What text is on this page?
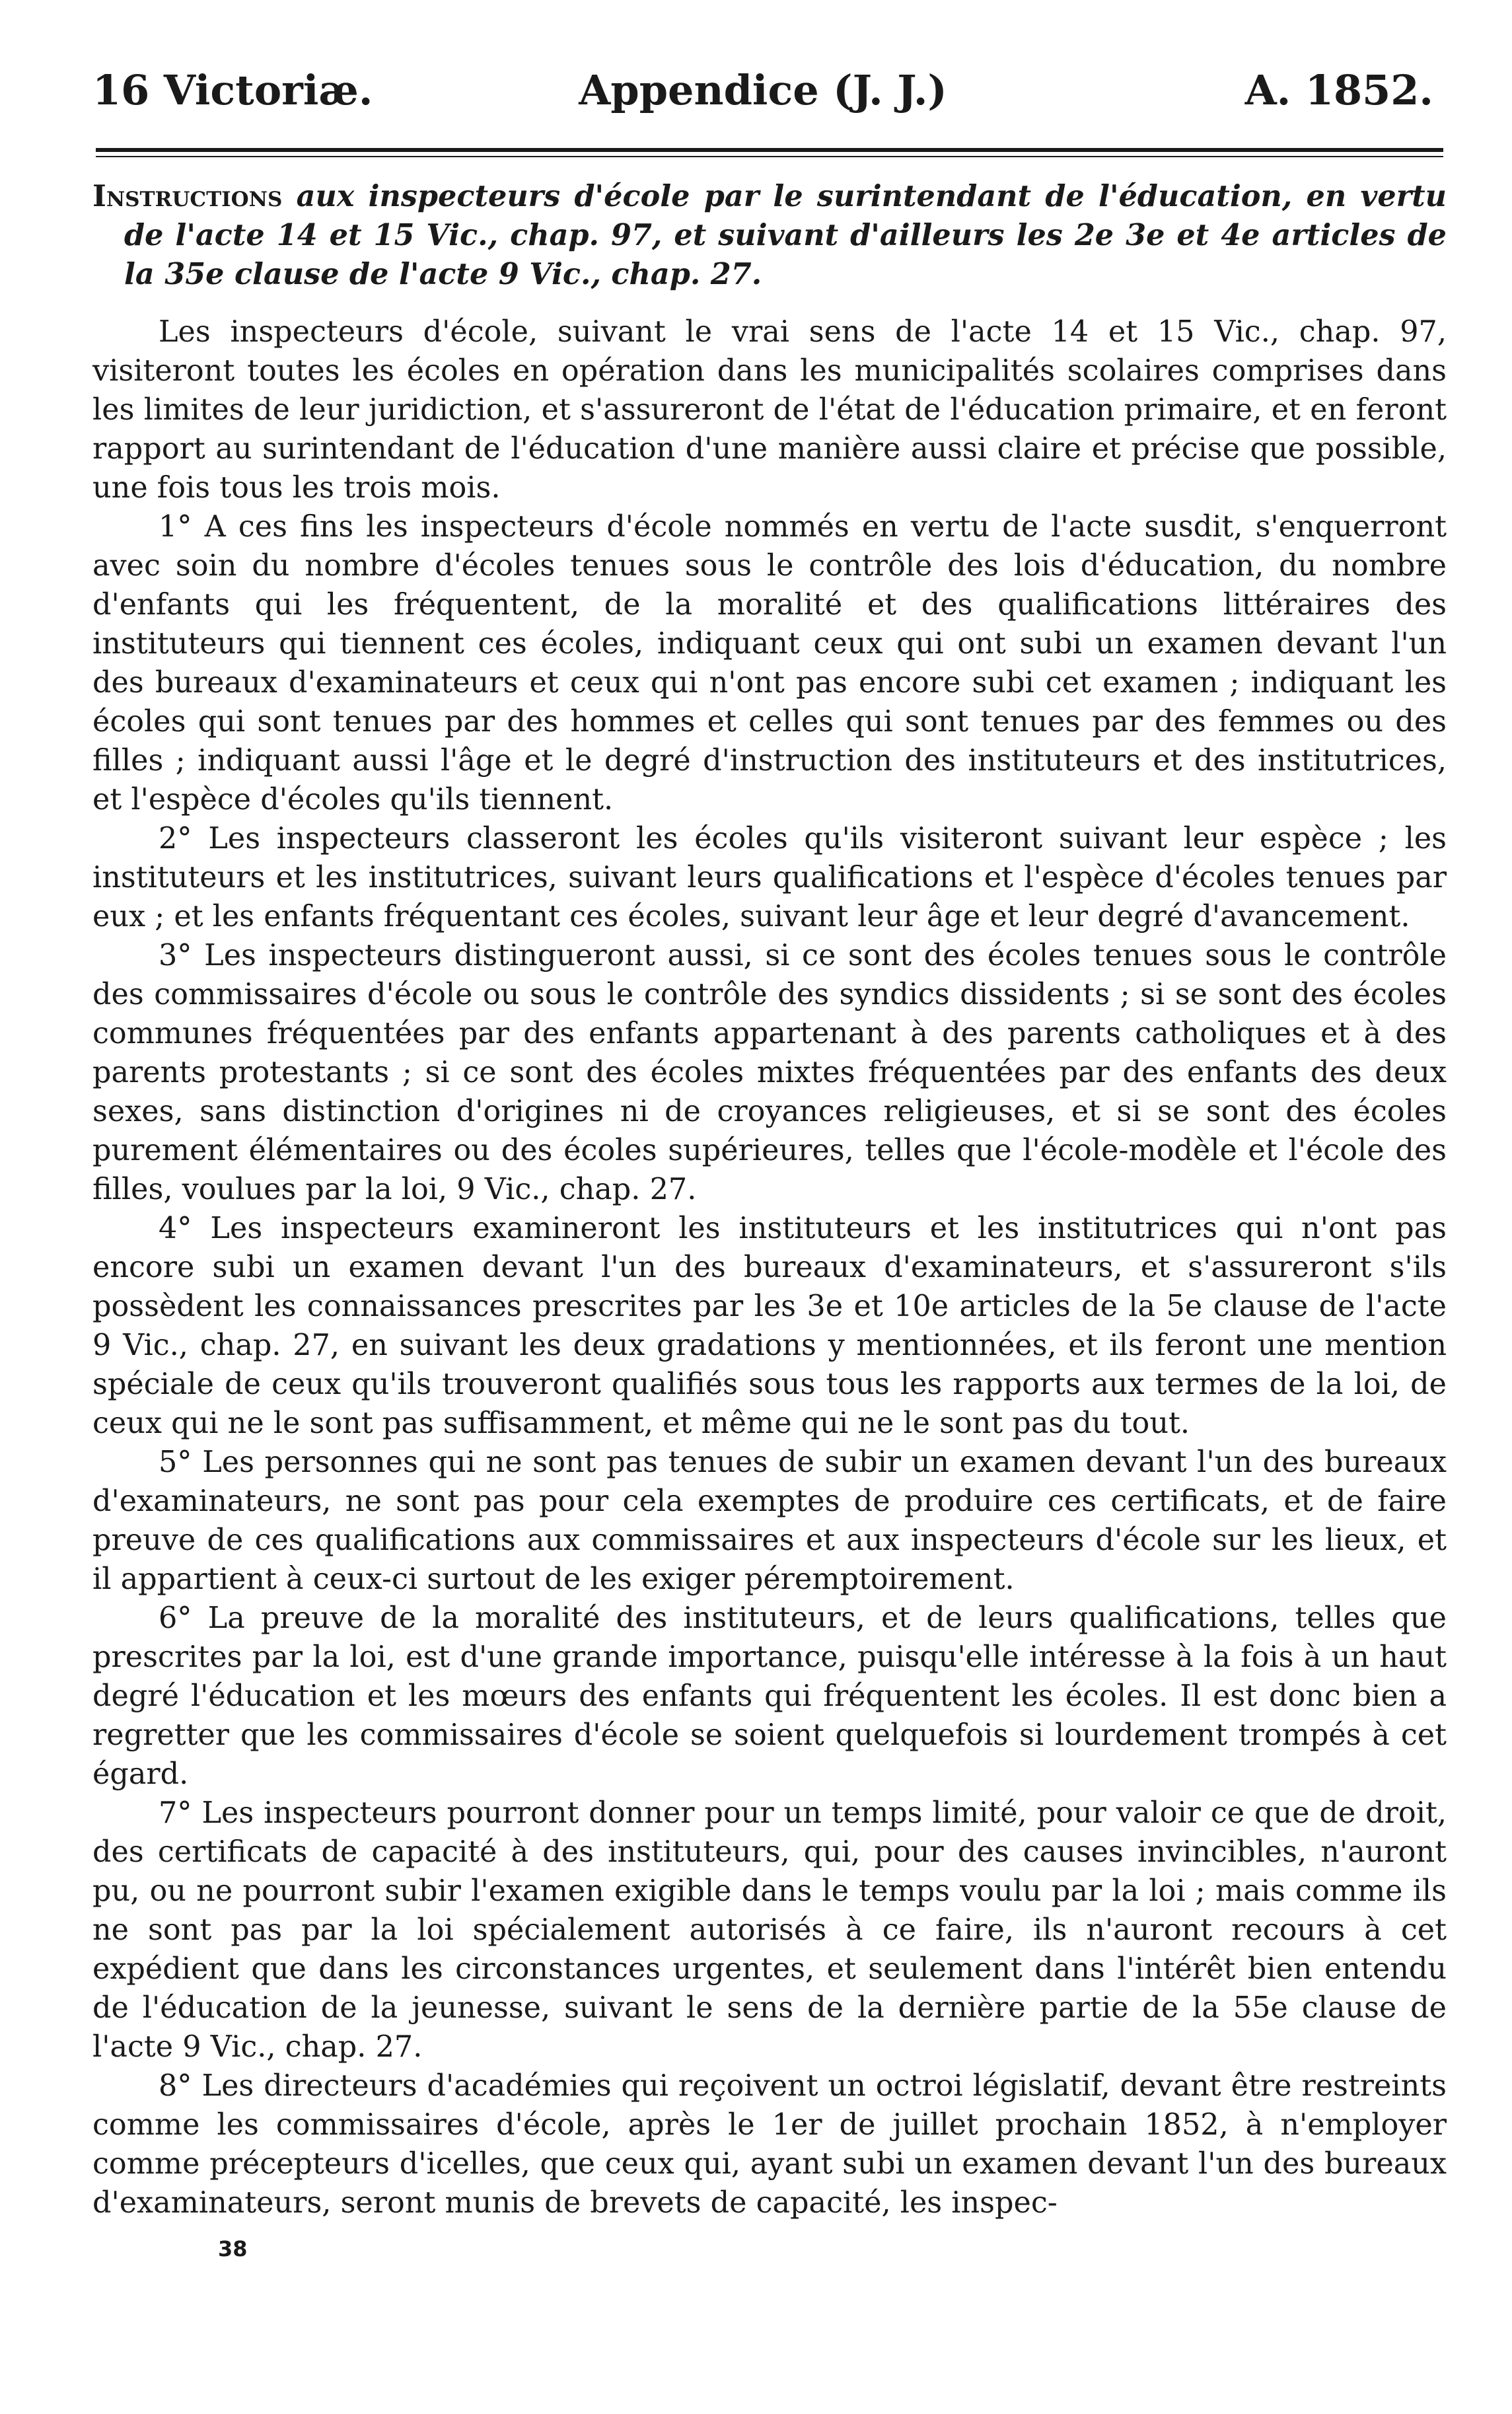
16 Victoriæ.	Appendice (J. J.)	A. 1852.

Instructions aux inspecteurs d'école par le surintendant de l'éducation, en vertu de l'acte 14 et 15 Vic., chap. 97, et suivant d'ailleurs les 2e 3e et 4e articles de la 35e clause de l'acte 9 Vic., chap. 27.

Les inspecteurs d'école, suivant le vrai sens de l'acte 14 et 15 Vic., chap. 97, visiteront toutes les écoles en opération dans les municipalités scolaires comprises dans les limites de leur juridiction, et s'assureront de l'état de l'éducation primaire, et en feront rapport au surintendant de l'éducation d'une manière aussi claire et précise que possible, une fois tous les trois mois.

1° A ces fins les inspecteurs d'école nommés en vertu de l'acte susdit, s'enquerront avec soin du nombre d'écoles tenues sous le contrôle des lois d'éducation, du nombre d'enfants qui les fréquentent, de la moralité et des qualifications littéraires des instituteurs qui tiennent ces écoles, indiquant ceux qui ont subi un examen devant l'un des bureaux d'examinateurs et ceux qui n'ont pas encore subi cet examen ; indiquant les écoles qui sont tenues par des hommes et celles qui sont tenues par des femmes ou des filles ; indiquant aussi l'âge et le degré d'instruction des instituteurs et des institutrices, et l'espèce d'écoles qu'ils tiennent.

2° Les inspecteurs classeront les écoles qu'ils visiteront suivant leur espèce ; les instituteurs et les institutrices, suivant leurs qualifications et l'espèce d'écoles tenues par eux ; et les enfants fréquentant ces écoles, suivant leur âge et leur degré d'avancement.

3° Les inspecteurs distingueront aussi, si ce sont des écoles tenues sous le contrôle des commissaires d'école ou sous le contrôle des syndics dissidents ; si se sont des écoles communes fréquentées par des enfants appartenant à des parents catholiques et à des parents protestants ; si ce sont des écoles mixtes fréquentées par des enfants des deux sexes, sans distinction d'origines ni de croyances religieuses, et si se sont des écoles purement élémentaires ou des écoles supérieures, telles que l'école-modèle et l'école des filles, voulues par la loi, 9 Vic., chap. 27.

4° Les inspecteurs examineront les instituteurs et les institutrices qui n'ont pas encore subi un examen devant l'un des bureaux d'examinateurs, et s'assureront s'ils possèdent les connaissances prescrites par les 3e et 10e articles de la 5e clause de l'acte 9 Vic., chap. 27, en suivant les deux gradations y mentionnées, et ils feront une mention spéciale de ceux qu'ils trouveront qualifiés sous tous les rapports aux termes de la loi, de ceux qui ne le sont pas suffisamment, et même qui ne le sont pas du tout.

5° Les personnes qui ne sont pas tenues de subir un examen devant l'un des bureaux d'examinateurs, ne sont pas pour cela exemptes de produire ces certificats, et de faire preuve de ces qualifications aux commissaires et aux inspecteurs d'école sur les lieux, et il appartient à ceux-ci surtout de les exiger péremptoirement.

6° La preuve de la moralité des instituteurs, et de leurs qualifications, telles que prescrites par la loi, est d'une grande importance, puisqu'elle intéresse à la fois à un haut degré l'éducation et les mœurs des enfants qui fréquentent les écoles. Il est donc bien a regretter que les commissaires d'école se soient quelquefois si lourdement trompés à cet égard.

7° Les inspecteurs pourront donner pour un temps limité, pour valoir ce que de droit, des certificats de capacité à des instituteurs, qui, pour des causes invincibles, n'auront pu, ou ne pourront subir l'examen exigible dans le temps voulu par la loi ; mais comme ils ne sont pas par la loi spécialement autorisés à ce faire, ils n'auront recours à cet expédient que dans les circonstances urgentes, et seulement dans l'intérêt bien entendu de l'éducation de la jeunesse, suivant le sens de la dernière partie de la 55e clause de l'acte 9 Vic., chap. 27.

8° Les directeurs d'académies qui reçoivent un octroi législatif, devant être restreints comme les commissaires d'école, après le 1er de juillet prochain 1852, à n'employer comme précepteurs d'icelles, que ceux qui, ayant subi un examen devant l'un des bureaux d'examinateurs, seront munis de brevets de capacité, les inspec-

38
